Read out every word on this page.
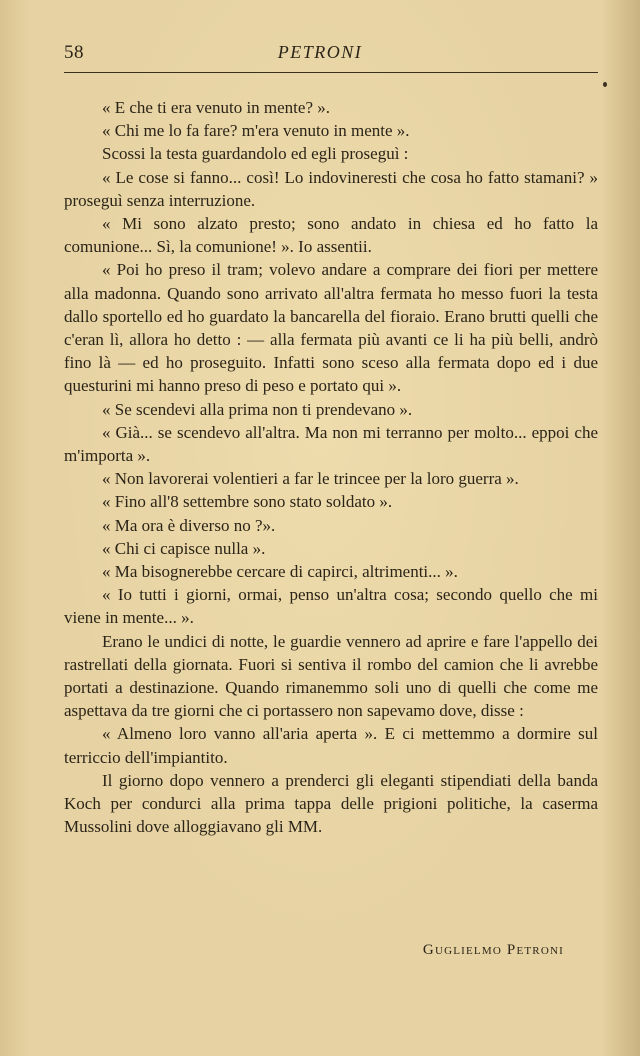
58	PETRONI

« E che ti era venuto in mente? ».

« Chi me lo fa fare? m'era venuto in mente ».

Scossi la testa guardandolo ed egli proseguì :

« Le cose si fanno... così! Lo indovineresti che cosa ho fatto stamani? » proseguì senza interruzione.

« Mi sono alzato presto; sono andato in chiesa ed ho fatto la comunione... Sì, la comunione! ». Io assentii.

« Poi ho preso il tram; volevo andare a comprare dei fiori per mettere alla madonna. Quando sono arrivato all'altra fermata ho messo fuori la testa dallo sportello ed ho guardato la bancarella del fioraio. Erano brutti quelli che c'eran lì, allora ho detto : — alla fermata più avanti ce li ha più belli, andrò fino là — ed ho proseguito. Infatti sono sceso alla fermata dopo ed i due questurini mi hanno preso di peso e portato qui ».

« Se scendevi alla prima non ti prendevano ».

« Già... se scendevo all'altra. Ma non mi terranno per molto... eppoi che m'importa ».

« Non lavorerai volentieri a far le trincee per la loro guerra ».

« Fino all'8 settembre sono stato soldato ».

« Ma ora è diverso no ?».

« Chi ci capisce nulla ».

« Ma bisognerebbe cercare di capirci, altrimenti... ».

« Io tutti i giorni, ormai, penso un'altra cosa; secondo quello che mi viene in mente... ».

Erano le undici di notte, le guardie vennero ad aprire e fare l'appello dei rastrellati della giornata. Fuori si sentiva il rombo del camion che li avrebbe portati a destinazione. Quando rimanemmo soli uno di quelli che come me aspettava da tre giorni che ci portassero non sapevamo dove, disse :

« Almeno loro vanno all'aria aperta ». E ci mettemmo a dormire sul terriccio dell'impiantito.

Il giorno dopo vennero a prenderci gli eleganti stipendiati della banda Koch per condurci alla prima tappa delle prigioni politiche, la caserma Mussolini dove alloggiavano gli MM.

Guglielmo Petroni
